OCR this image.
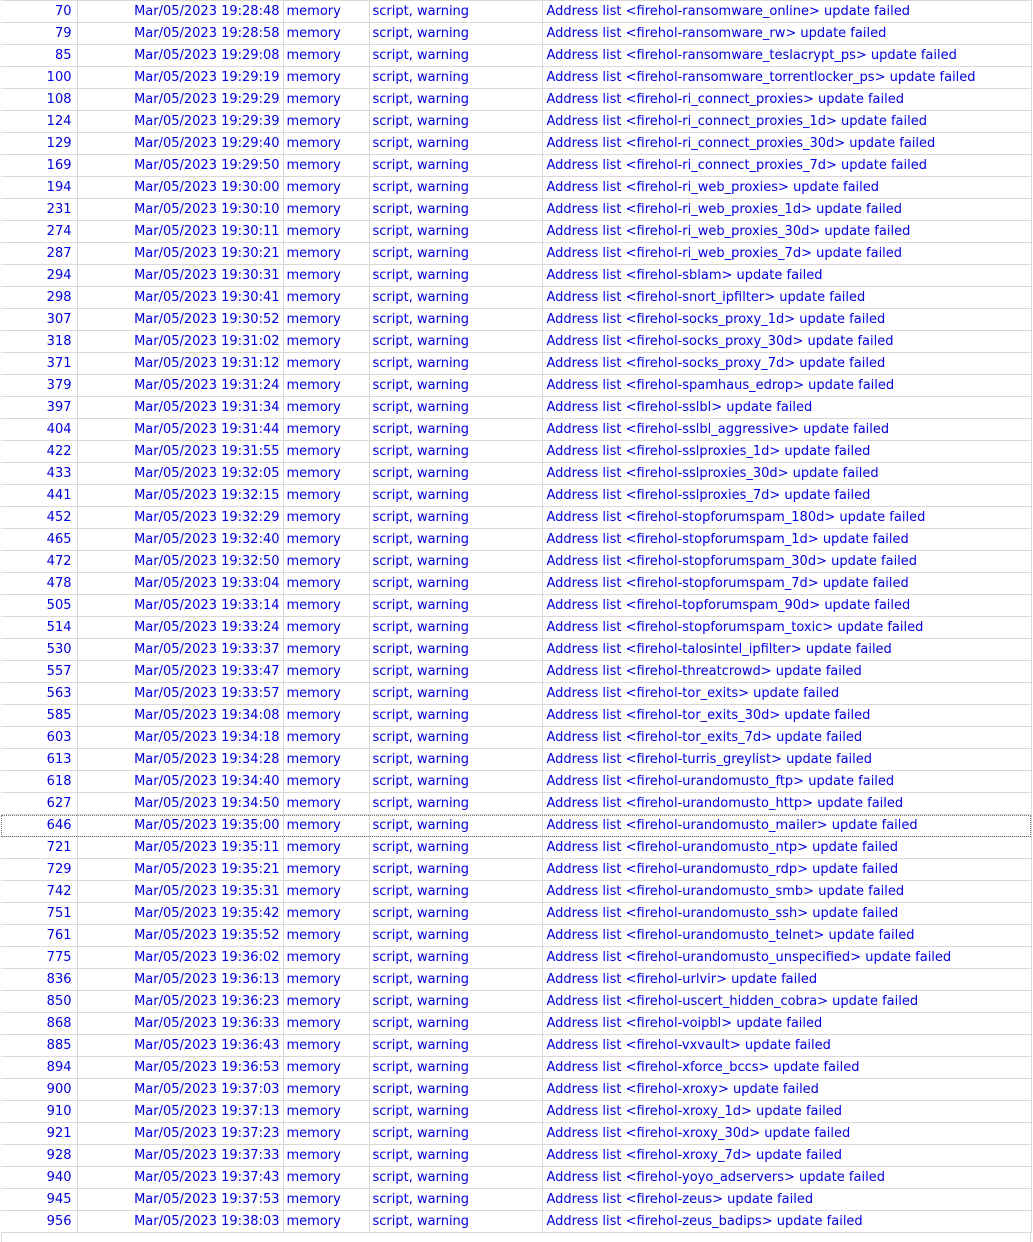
70	Mar/05/2023 19:28:48	memory	script, warning	Address list <firehol-ransomware_online> update failed
79	Mar/05/2023 19:28:58	memory	script, warning	Address list <firehol-ransomware_rw> update failed
85	Mar/05/2023 19:29:08	memory	script, warning	Address list <firehol-ransomware_teslacrypt_ps> update failed
100	Mar/05/2023 19:29:19	memory	script, warning	Address list <firehol-ransomware_torrentlocker_ps> update failed
108	Mar/05/2023 19:29:29	memory	script, warning	Address list <firehol-ri_connect_proxies> update failed
124	Mar/05/2023 19:29:39	memory	script, warning	Address list <firehol-ri_connect_proxies_1d> update failed
129	Mar/05/2023 19:29:40	memory	script, warning	Address list <firehol-ri_connect_proxies_30d> update failed
169	Mar/05/2023 19:29:50	memory	script, warning	Address list <firehol-ri_connect_proxies_7d> update failed
194	Mar/05/2023 19:30:00	memory	script, warning	Address list <firehol-ri_web_proxies> update failed
231	Mar/05/2023 19:30:10	memory	script, warning	Address list <firehol-ri_web_proxies_1d> update failed
274	Mar/05/2023 19:30:11	memory	script, warning	Address list <firehol-ri_web_proxies_30d> update failed
287	Mar/05/2023 19:30:21	memory	script, warning	Address list <firehol-ri_web_proxies_7d> update failed
294	Mar/05/2023 19:30:31	memory	script, warning	Address list <firehol-sblam> update failed
298	Mar/05/2023 19:30:41	memory	script, warning	Address list <firehol-snort_ipfilter> update failed
307	Mar/05/2023 19:30:52	memory	script, warning	Address list <firehol-socks_proxy_1d> update failed
318	Mar/05/2023 19:31:02	memory	script, warning	Address list <firehol-socks_proxy_30d> update failed
371	Mar/05/2023 19:31:12	memory	script, warning	Address list <firehol-socks_proxy_7d> update failed
379	Mar/05/2023 19:31:24	memory	script, warning	Address list <firehol-spamhaus_edrop> update failed
397	Mar/05/2023 19:31:34	memory	script, warning	Address list <firehol-sslbl> update failed
404	Mar/05/2023 19:31:44	memory	script, warning	Address list <firehol-sslbl_aggressive> update failed
422	Mar/05/2023 19:31:55	memory	script, warning	Address list <firehol-sslproxies_1d> update failed
433	Mar/05/2023 19:32:05	memory	script, warning	Address list <firehol-sslproxies_30d> update failed
441	Mar/05/2023 19:32:15	memory	script, warning	Address list <firehol-sslproxies_7d> update failed
452	Mar/05/2023 19:32:29	memory	script, warning	Address list <firehol-stopforumspam_180d> update failed
465	Mar/05/2023 19:32:40	memory	script, warning	Address list <firehol-stopforumspam_1d> update failed
472	Mar/05/2023 19:32:50	memory	script, warning	Address list <firehol-stopforumspam_30d> update failed
478	Mar/05/2023 19:33:04	memory	script, warning	Address list <firehol-stopforumspam_7d> update failed
505	Mar/05/2023 19:33:14	memory	script, warning	Address list <firehol-topforumspam_90d> update failed
514	Mar/05/2023 19:33:24	memory	script, warning	Address list <firehol-stopforumspam_toxic> update failed
530	Mar/05/2023 19:33:37	memory	script, warning	Address list <firehol-talosintel_ipfilter> update failed
557	Mar/05/2023 19:33:47	memory	script, warning	Address list <firehol-threatcrowd> update failed
563	Mar/05/2023 19:33:57	memory	script, warning	Address list <firehol-tor_exits> update failed
585	Mar/05/2023 19:34:08	memory	script, warning	Address list <firehol-tor_exits_30d> update failed
603	Mar/05/2023 19:34:18	memory	script, warning	Address list <firehol-tor_exits_7d> update failed
613	Mar/05/2023 19:34:28	memory	script, warning	Address list <firehol-turris_greylist> update failed
618	Mar/05/2023 19:34:40	memory	script, warning	Address list <firehol-urandomusto_ftp> update failed
627	Mar/05/2023 19:34:50	memory	script, warning	Address list <firehol-urandomusto_http> update failed
646	Mar/05/2023 19:35:00	memory	script, warning	Address list <firehol-urandomusto_mailer> update failed
721	Mar/05/2023 19:35:11	memory	script, warning	Address list <firehol-urandomusto_ntp> update failed
729	Mar/05/2023 19:35:21	memory	script, warning	Address list <firehol-urandomusto_rdp> update failed
742	Mar/05/2023 19:35:31	memory	script, warning	Address list <firehol-urandomusto_smb> update failed
751	Mar/05/2023 19:35:42	memory	script, warning	Address list <firehol-urandomusto_ssh> update failed
761	Mar/05/2023 19:35:52	memory	script, warning	Address list <firehol-urandomusto_telnet> update failed
775	Mar/05/2023 19:36:02	memory	script, warning	Address list <firehol-urandomusto_unspecified> update failed
836	Mar/05/2023 19:36:13	memory	script, warning	Address list <firehol-urlvir> update failed
850	Mar/05/2023 19:36:23	memory	script, warning	Address list <firehol-uscert_hidden_cobra> update failed
868	Mar/05/2023 19:36:33	memory	script, warning	Address list <firehol-voipbl> update failed
885	Mar/05/2023 19:36:43	memory	script, warning	Address list <firehol-vxvault> update failed
894	Mar/05/2023 19:36:53	memory	script, warning	Address list <firehol-xforce_bccs> update failed
900	Mar/05/2023 19:37:03	memory	script, warning	Address list <firehol-xroxy> update failed
910	Mar/05/2023 19:37:13	memory	script, warning	Address list <firehol-xroxy_1d> update failed
921	Mar/05/2023 19:37:23	memory	script, warning	Address list <firehol-xroxy_30d> update failed
928	Mar/05/2023 19:37:33	memory	script, warning	Address list <firehol-xroxy_7d> update failed
940	Mar/05/2023 19:37:43	memory	script, warning	Address list <firehol-yoyo_adservers> update failed
945	Mar/05/2023 19:37:53	memory	script, warning	Address list <firehol-zeus> update failed
956	Mar/05/2023 19:38:03	memory	script, warning	Address list <firehol-zeus_badips> update failed
